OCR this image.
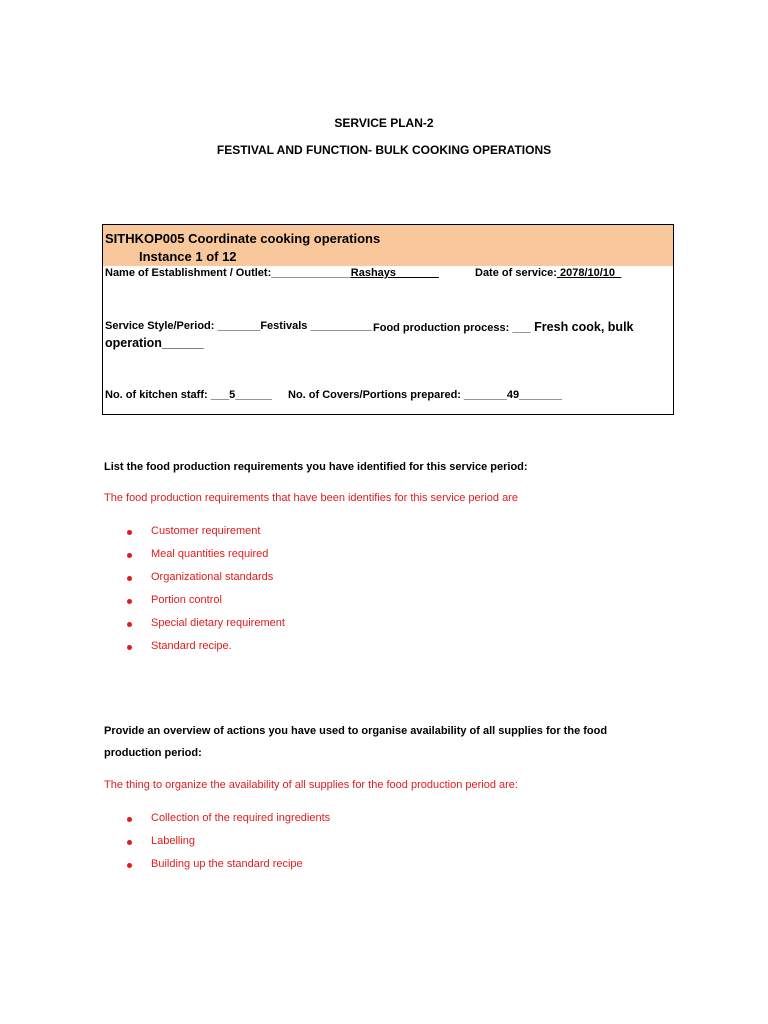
SERVICE PLAN-2
FESTIVAL AND FUNCTION- BULK COOKING OPERATIONS
SITHKOP005 Coordinate cooking operations
Instance 1 of 12
Name of Establishment / Outlet:_____________Rashays_______	Date of service: 2078/10/10_
Service Style/Period: _______Festivals __________ Food production process: ___ Fresh cook, bulk
operation______
No. of kitchen staff: ___5______ No. of Covers/Portions prepared: _______49_______
List the food production requirements you have identified for this service period:
The food production requirements that have been identifies for this service period are
Customer requirement
Meal quantities required
Organizational standards
Portion control
Special dietary requirement
Standard recipe.
Provide an overview of actions you have used to organise availability of all supplies for the food
production period:
The thing to organize the availability of all supplies for the food production period are:
Collection of the required ingredients
Labelling
Building up the standard recipe
